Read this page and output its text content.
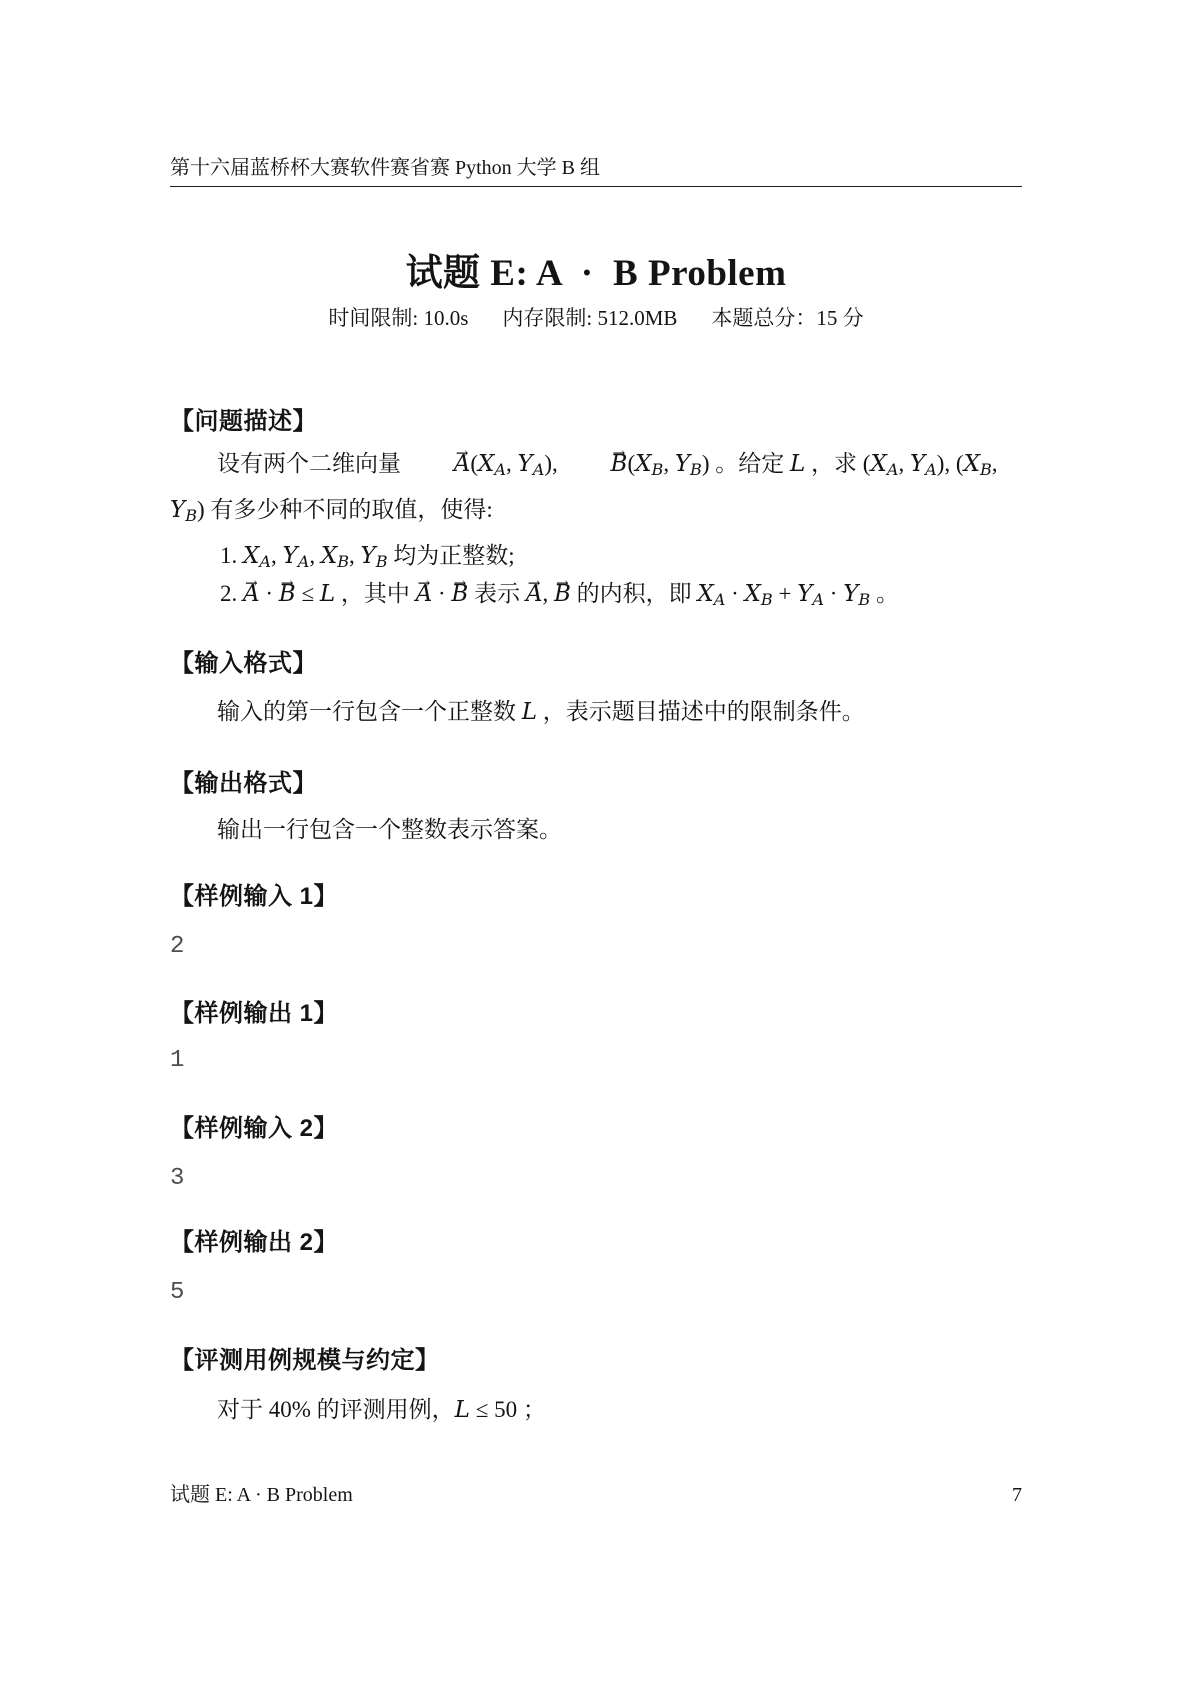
第十六届蓝桥杯大赛软件赛省赛 Python 大学 B 组
试题 E: A  ·  B Problem
时间限制: 10.0s 内存限制: 512.0MB 本题总分：15 分
【问题描述】

设有两个二维向量 → $A(X_A$, $Y_A$), → $B(X_B$, $Y_B$) 。给定 L ，求 ($X_A$, $Y_A$), ($X_B$, $Y_B$) 有多少种不同的取值，使得:

1. $X_A$, $Y_A$, $X_B$, $Y_B$ 均为正整数;

2. → A · → B ≤ L ，其中 → A · → B 表示 → A, → B 的内积，即 $X_A \cdot X_B + Y_A \cdot Y_B$ 。

【输入格式】

输入的第一行包含一个正整数 L ，表示题目描述中的限制条件。

【输出格式】

输出一行包含一个整数表示答案。

【样例输入 1】
2
【样例输出 1】
1
【样例输入 2】
3
【样例输出 2】
5
【评测用例规模与约定】

对于 40% 的评测用例，L ≤ 50 ；

试题 E: A · B Problem	7
